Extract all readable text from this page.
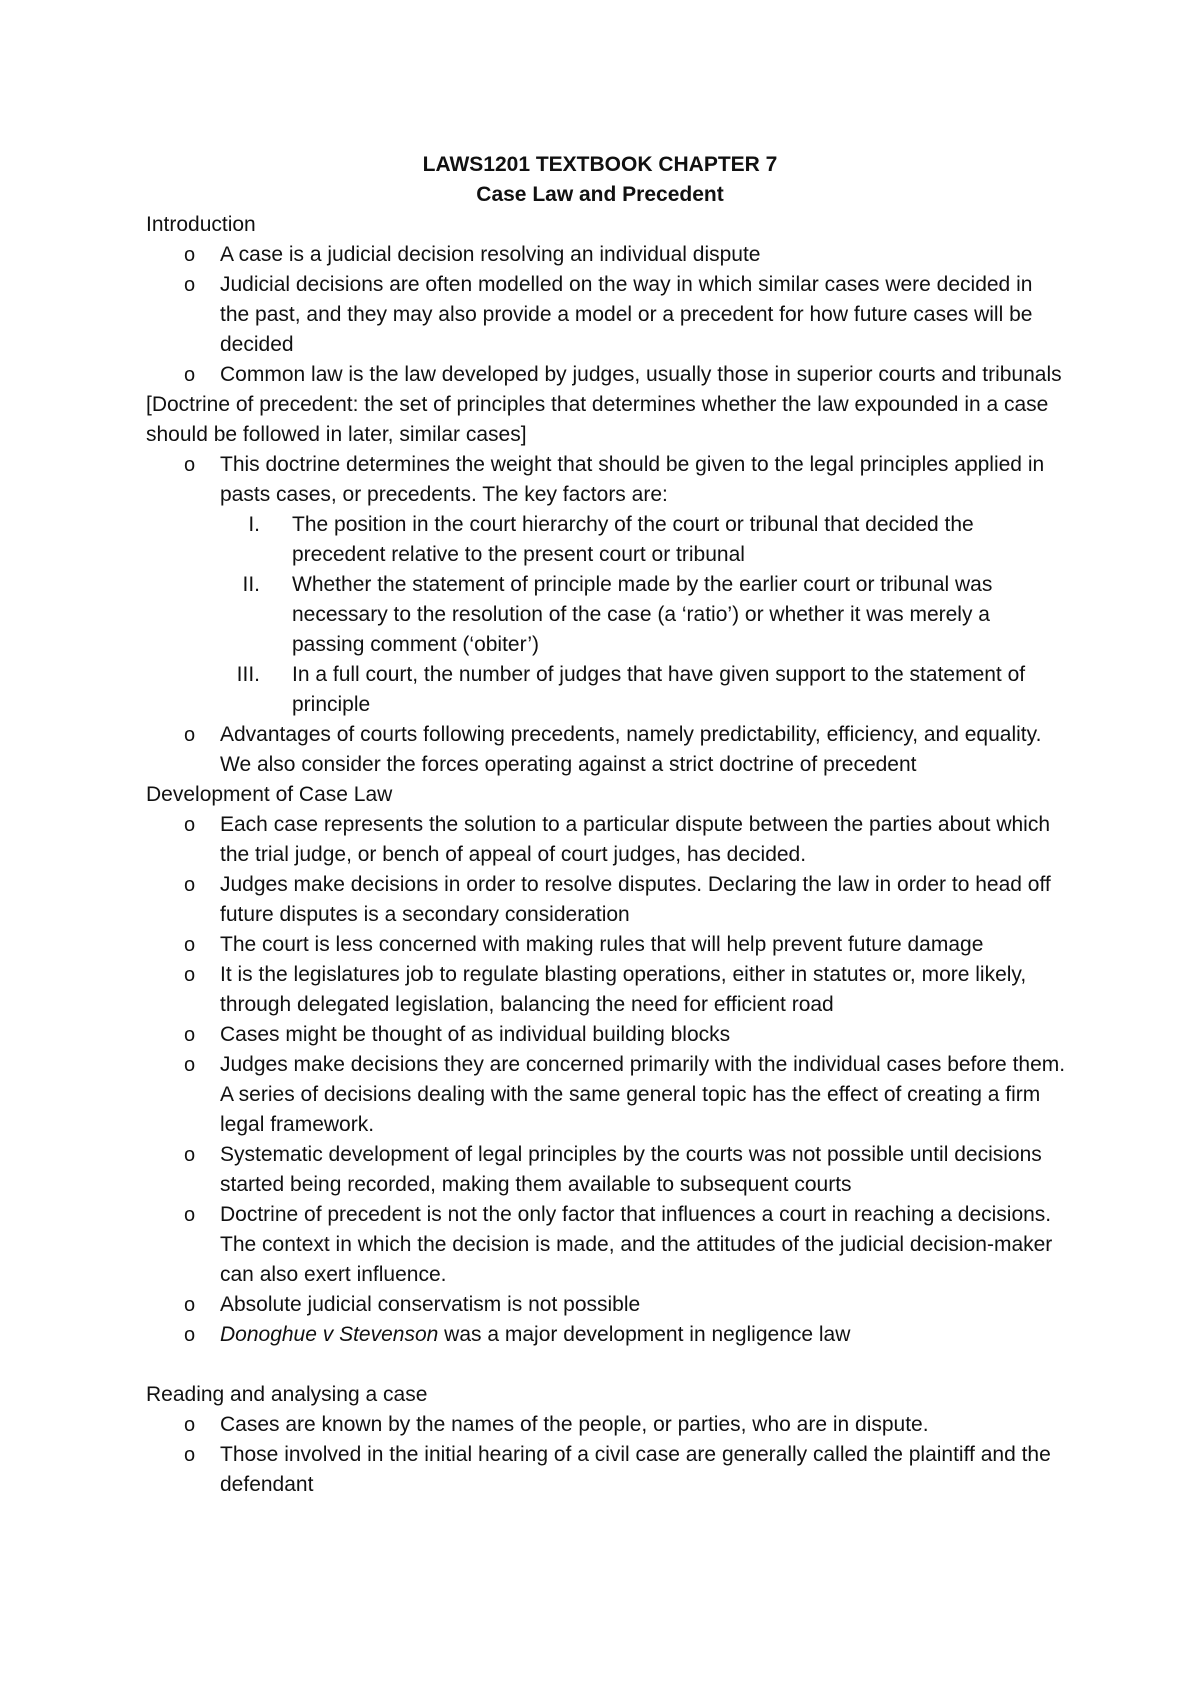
LAWS1201 TEXTBOOK CHAPTER 7
Case Law and Precedent
Introduction
o A case is a judicial decision resolving an individual dispute
o Judicial decisions are often modelled on the way in which similar cases were decided in the past, and they may also provide a model or a precedent for how future cases will be decided
o Common law is the law developed by judges, usually those in superior courts and tribunals
[Doctrine of precedent: the set of principles that determines whether the law expounded in a case should be followed in later, similar cases]
o This doctrine determines the weight that should be given to the legal principles applied in pasts cases, or precedents. The key factors are:
I. The position in the court hierarchy of the court or tribunal that decided the precedent relative to the present court or tribunal
II. Whether the statement of principle made by the earlier court or tribunal was necessary to the resolution of the case (a ‘ratio’) or whether it was merely a passing comment (‘obiter’)
III. In a full court, the number of judges that have given support to the statement of principle
o Advantages of courts following precedents, namely predictability, efficiency, and equality. We also consider the forces operating against a strict doctrine of precedent
Development of Case Law
o Each case represents the solution to a particular dispute between the parties about which the trial judge, or bench of appeal of court judges, has decided.
o Judges make decisions in order to resolve disputes. Declaring the law in order to head off future disputes is a secondary consideration
o The court is less concerned with making rules that will help prevent future damage
o It is the legislatures job to regulate blasting operations, either in statutes or, more likely, through delegated legislation, balancing the need for efficient road
o Cases might be thought of as individual building blocks
o Judges make decisions they are concerned primarily with the individual cases before them. A series of decisions dealing with the same general topic has the effect of creating a firm legal framework.
o Systematic development of legal principles by the courts was not possible until decisions started being recorded, making them available to subsequent courts
o Doctrine of precedent is not the only factor that influences a court in reaching a decisions. The context in which the decision is made, and the attitudes of the judicial decision-maker can also exert influence.
o Absolute judicial conservatism is not possible
o Donoghue v Stevenson was a major development in negligence law
Reading and analysing a case
o Cases are known by the names of the people, or parties, who are in dispute.
o Those involved in the initial hearing of a civil case are generally called the plaintiff and the defendant
